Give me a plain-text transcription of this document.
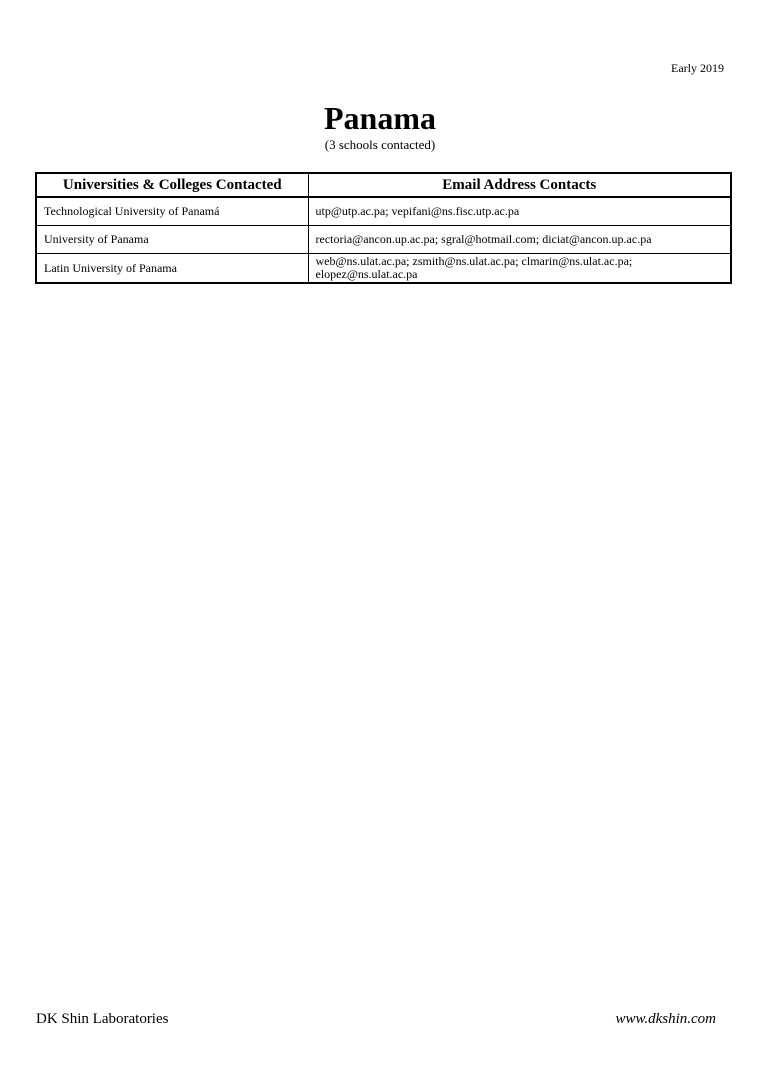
Early 2019
Panama
(3 schools contacted)
Universities & Colleges Contacted	Email Address Contacts
Technological University of Panamá	utp@utp.ac.pa; vepifani@ns.fisc.utp.ac.pa
University of Panama	rectoria@ancon.up.ac.pa; sgral@hotmail.com; diciat@ancon.up.ac.pa
Latin University of Panama	web@ns.ulat.ac.pa; zsmith@ns.ulat.ac.pa; clmarin@ns.ulat.ac.pa; elopez@ns.ulat.ac.pa
DK Shin Laboratories	www.dkshin.com
